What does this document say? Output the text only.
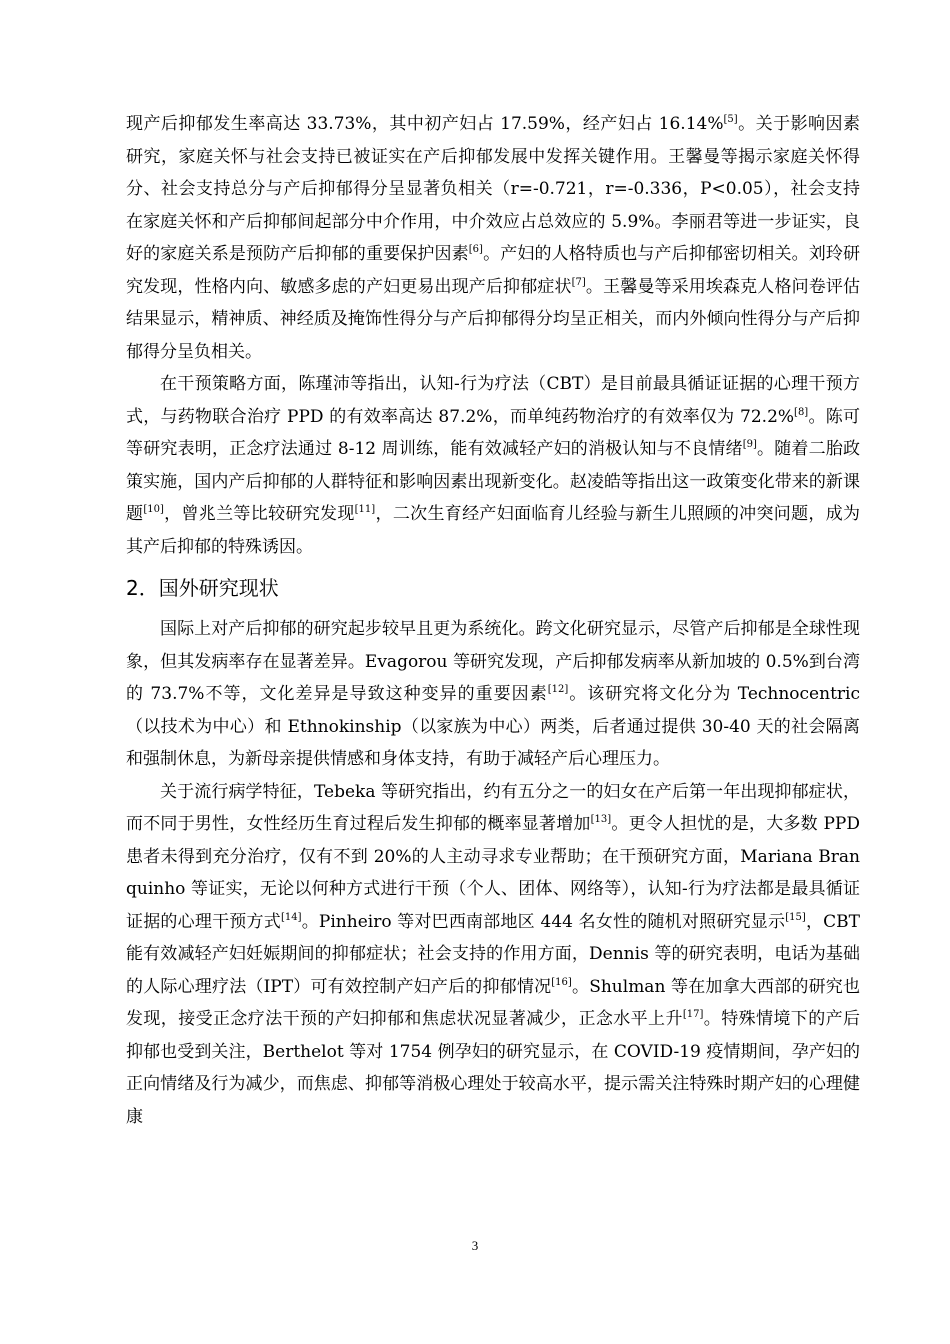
现产后抑郁发生率高达 33.73%，其中初产妇占 17.59%，经产妇占 16.14%[5]。关于影响因素研究，家庭关怀与社会支持已被证实在产后抑郁发展中发挥关键作用。王馨曼等揭示家庭关怀得分、社会支持总分与产后抑郁得分呈显著负相关（r=-0.721，r=-0.336，P<0.05），社会支持在家庭关怀和产后抑郁间起部分中介作用，中介效应占总效应的 5.9%。李丽君等进一步证实，良好的家庭关系是预防产后抑郁的重要保护因素[6]。产妇的人格特质也与产后抑郁密切相关。刘玲研究发现，性格内向、敏感多虑的产妇更易出现产后抑郁症状[7]。王馨曼等采用埃森克人格问卷评估结果显示，精神质、神经质及掩饰性得分与产后抑郁得分均呈正相关，而内外倾向性得分与产后抑郁得分呈负相关。

在干预策略方面，陈瑾沛等指出，认知-行为疗法（CBT）是目前最具循证证据的心理干预方式，与药物联合治疗 PPD 的有效率高达 87.2%，而单纯药物治疗的有效率仅为 72.2%[8]。陈可等研究表明，正念疗法通过 8-12 周训练，能有效减轻产妇的消极认知与不良情绪[9]。随着二胎政策实施，国内产后抑郁的人群特征和影响因素出现新变化。赵凌皓等指出这一政策变化带来的新课题[10]，曾兆兰等比较研究发现[11]，二次生育经产妇面临育儿经验与新生儿照顾的冲突问题，成为其产后抑郁的特殊诱因。

2．国外研究现状

国际上对产后抑郁的研究起步较早且更为系统化。跨文化研究显示，尽管产后抑郁是全球性现象，但其发病率存在显著差异。Evagorou 等研究发现，产后抑郁发病率从新加坡的 0.5%到台湾的 73.7%不等，文化差异是导致这种变异的重要因素[12]。该研究将文化分为 Technocentric（以技术为中心）和 Ethnokinship（以家族为中心）两类，后者通过提供 30-40 天的社会隔离和强制休息，为新母亲提供情感和身体支持，有助于减轻产后心理压力。

关于流行病学特征，Tebeka 等研究指出，约有五分之一的妇女在产后第一年出现抑郁症状，而不同于男性，女性经历生育过程后发生抑郁的概率显著增加[13]。更令人担忧的是，大多数 PPD 患者未得到充分治疗，仅有不到 20%的人主动寻求专业帮助；在干预研究方面，Mariana Branquinho 等证实，无论以何种方式进行干预（个人、团体、网络等），认知-行为疗法都是最具循证证据的心理干预方式[14]。Pinheiro 等对巴西南部地区 444 名女性的随机对照研究显示[15]，CBT 能有效减轻产妇妊娠期间的抑郁症状；社会支持的作用方面，Dennis 等的研究表明，电话为基础的人际心理疗法（IPT）可有效控制产妇产后的抑郁情况[16]。Shulman 等在加拿大西部的研究也发现，接受正念疗法干预的产妇抑郁和焦虑状况显著减少，正念水平上升[17]。特殊情境下的产后抑郁也受到关注，Berthelot 等对 1754 例孕妇的研究显示，在 COVID-19 疫情期间，孕产妇的正向情绪及行为减少，而焦虑、抑郁等消极心理处于较高水平，提示需关注特殊时期产妇的心理健康

3
